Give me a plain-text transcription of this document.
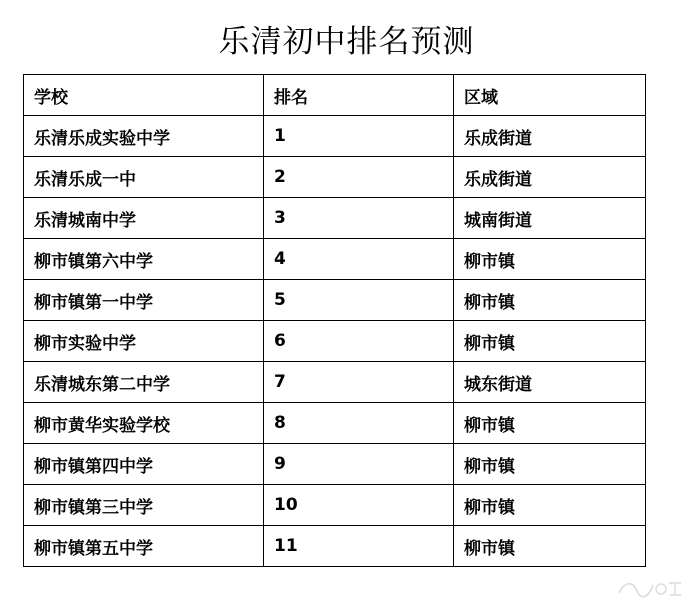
乐清初中排名预测
学校	排名	区域
乐清乐成实验中学	1	乐成街道
乐清乐成一中	2	乐成街道
乐清城南中学	3	城南街道
柳市镇第六中学	4	柳市镇
柳市镇第一中学	5	柳市镇
柳市实验中学	6	柳市镇
乐清城东第二中学	7	城东街道
柳市黄华实验学校	8	柳市镇
柳市镇第四中学	9	柳市镇
柳市镇第三中学	10	柳市镇
柳市镇第五中学	11	柳市镇
